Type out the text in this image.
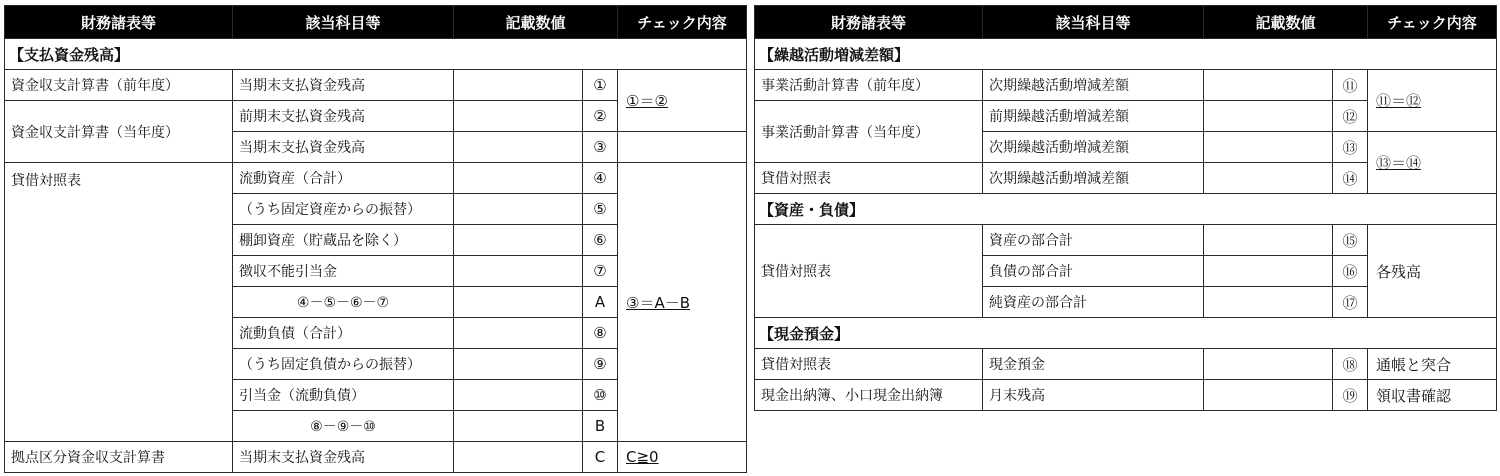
財務諸表等	該当科目等	記載数値		チェック内容
【支払資金残高】				
資金収支計算書（前年度）	当期末支払資金残高		①	①＝②
資金収支計算書（当年度）	前期末支払資金残高		②	
	当期末支払資金残高		③	
貸借対照表	流動資産（合計）		④	③＝A－B
	（うち固定資産からの振替）		⑤	
	棚卸資産（貯蔵品を除く）		⑥	
	徴収不能引当金		⑦	
	④－⑤－⑥－⑦		A	
	流動負債（合計）		⑧	
	（うち固定負債からの振替）		⑨	
	引当金（流動負債）		⑩	
	⑧－⑨－⑩		B	
拠点区分資金収支計算書	当期末支払資金残高		C	C≧0
財務諸表等	該当科目等	記載数値		チェック内容
【繰越活動増減差額】				
事業活動計算書（前年度）	次期繰越活動増減差額		⑪	⑪＝⑫
事業活動計算書（当年度）	前期繰越活動増減差額		⑫	
	次期繰越活動増減差額		⑬	⑬＝⑭
貸借対照表	次期繰越活動増減差額		⑭	
【資産・負債】				
貸借対照表	資産の部合計		⑮	各残高
	負債の部合計		⑯	
	純資産の部合計		⑰	
【現金預金】				
貸借対照表	現金預金		⑱	通帳と突合
現金出納簿、小口現金出納簿	月末残高		⑲	領収書確認
